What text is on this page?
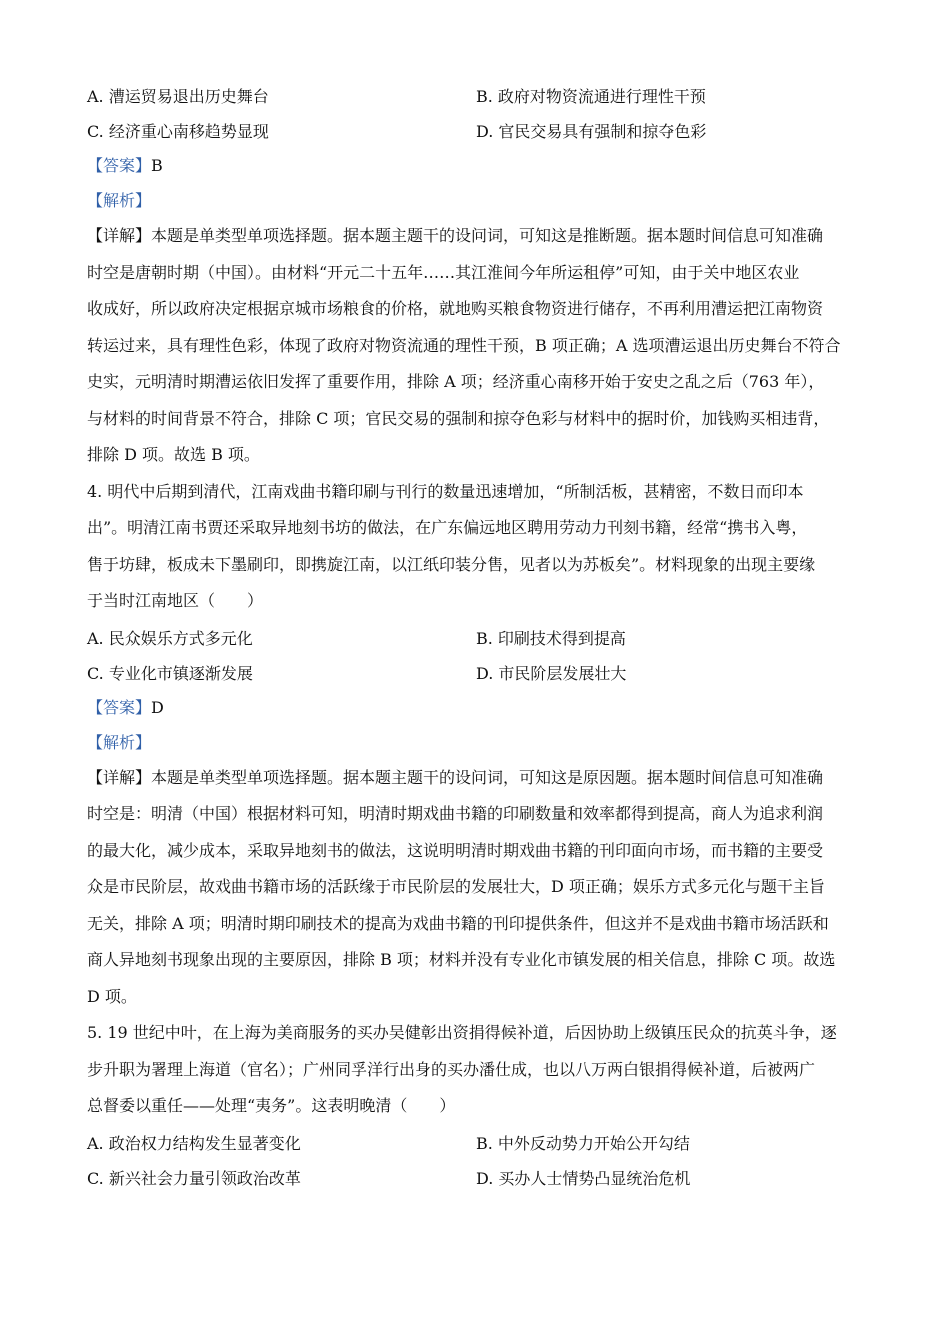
A. 漕运贸易退出历史舞台	B. 政府对物资流通进行理性干预
C. 经济重心南移趋势显现	D. 官民交易具有强制和掠夺色彩
【答案】B
【解析】
【详解】本题是单类型单项选择题。据本题主题干的设问词，可知这是推断题。据本题时间信息可知准确
时空是唐朝时期（中国）。由材料“开元二十五年……其江淮间今年所运租停”可知，由于关中地区农业
收成好，所以政府决定根据京城市场粮食的价格，就地购买粮食物资进行储存，不再利用漕运把江南物资
转运过来，具有理性色彩，体现了政府对物资流通的理性干预，B 项正确；A 选项漕运退出历史舞台不符合
史实，元明清时期漕运依旧发挥了重要作用，排除 A 项；经济重心南移开始于安史之乱之后（763 年），
与材料的时间背景不符合，排除 C 项；官民交易的强制和掠夺色彩与材料中的据时价，加钱购买相违背，
排除 D 项。故选 B 项。
4. 明代中后期到清代，江南戏曲书籍印刷与刊行的数量迅速增加，“所制活板，甚精密，不数日而印本
出”。明清江南书贾还采取异地刻书坊的做法，在广东偏远地区聘用劳动力刊刻书籍，经常“携书入粤，
售于坊肆，板成未下墨刷印，即携旋江南，以江纸印装分售，见者以为苏板矣”。材料现象的出现主要缘
于当时江南地区（　　）
A. 民众娱乐方式多元化	B. 印刷技术得到提高
C. 专业化市镇逐渐发展	D. 市民阶层发展壮大
【答案】D
【解析】
【详解】本题是单类型单项选择题。据本题主题干的设问词，可知这是原因题。据本题时间信息可知准确
时空是：明清（中国）根据材料可知，明清时期戏曲书籍的印刷数量和效率都得到提高，商人为追求利润
的最大化，减少成本，采取异地刻书的做法，这说明明清时期戏曲书籍的刊印面向市场，而书籍的主要受
众是市民阶层，故戏曲书籍市场的活跃缘于市民阶层的发展壮大，D 项正确；娱乐方式多元化与题干主旨
无关，排除 A 项；明清时期印刷技术的提高为戏曲书籍的刊印提供条件，但这并不是戏曲书籍市场活跃和
商人异地刻书现象出现的主要原因，排除 B 项；材料并没有专业化市镇发展的相关信息，排除 C 项。故选
D 项。
5. 19 世纪中叶，在上海为美商服务的买办吴健彰出资捐得候补道，后因协助上级镇压民众的抗英斗争，逐
步升职为署理上海道（官名）；广州同孚洋行出身的买办潘仕成，也以八万两白银捐得候补道，后被两广
总督委以重任——处理“夷务”。这表明晚清（　　）
A. 政治权力结构发生显著变化	B. 中外反动势力开始公开勾结
C. 新兴社会力量引领政治改革	D. 买办人士情势凸显统治危机
